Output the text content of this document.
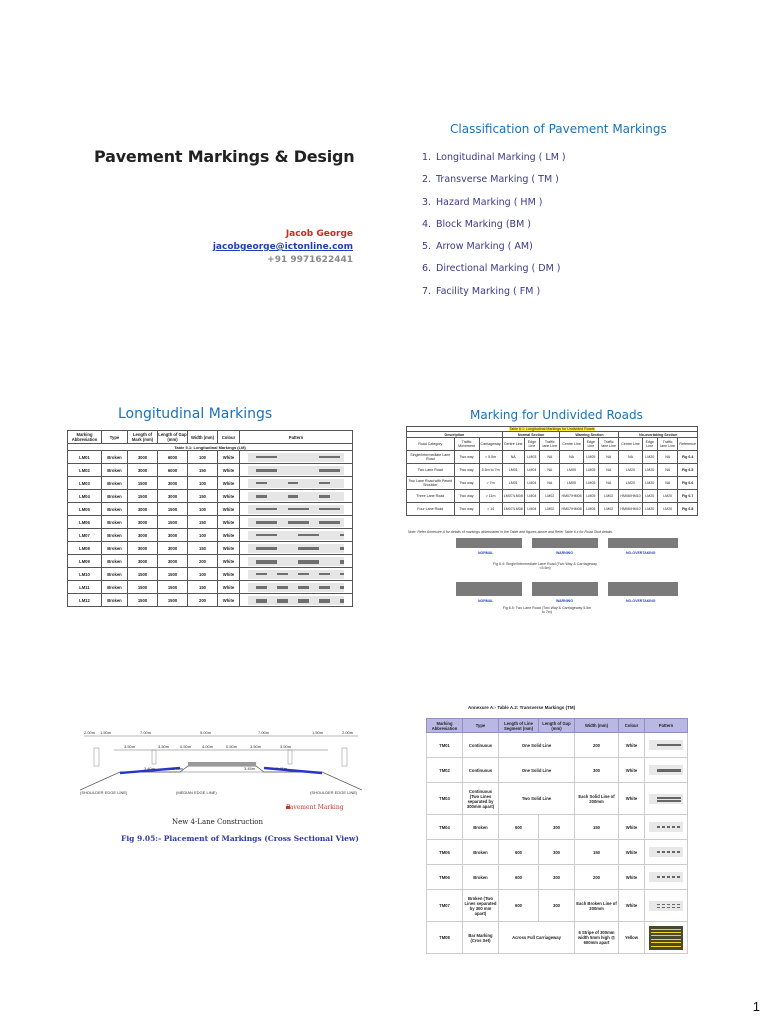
Pavement Markings & Design
Jacob George
jacobgeorge@ictonline.com
+91 9971622441
Classification of Pavement Markings
1. Longitudinal Marking ( LM )
2. Transverse Marking ( TM )
3. Hazard Marking ( HM )
4. Block Marking (BM )
5. Arrow Marking ( AM)
6. Directional Marking ( DM )
7. Facility Marking ( FM )
Longitudinal Markings
Table 5.1: Longitudinal Markings (LM)						
Marking Abbreviation	Type	Length of Mark (mm)	Length of Gap (mm)	Width (mm)	Colour	Pattern
LM01	Broken	3000	6000	100	White	

LM02	Broken	3000	6000	150	White	

LM03	Broken	1500	3000	100	White	

LM04	Broken	1500	3000	150	White	

LM05	Broken	3000	1500	100	White	

LM06	Broken	3000	1500	150	White	

LM07	Broken	3000	3000	100	White	

LM08	Broken	3000	3000	150	White	

LM09	Broken	3000	3000	200	White	

LM10	Broken	1500	1500	100	White	

LM11	Broken	1500	1500	150	White	

LM12	Broken	1500	1500	200	White	
Marking for Undivided Roads
Table 6.1: Longitudinal Markings for Undivided Roads												
Description			Normal Section			Warning Section			No-overtaking Section			
Road Category	Traffic Movement	Carriageway	Centre Line	Edge Line	Traffic lane Line	Centre Line	Edge Line	Traffic lane Line	Centre Line	Edge Line	Traffic lane Line	Reference
Single/Intermediate Lane Road	Two way	< 5.5m	NA	LM03	NA	NA	LM05	NA	NA	LM20	NA	Fig 6.4
Two Lane Road	Two way	5.5m to 7m	LM01	LM04	NA	LM05	LM05	NA	LM20	LM20	NA	Fig 6.5
Two Lane Road with Paved Shoulder	Two way	> 7m	LM01	LM04	NA	LM05	LM05	NA	LM20	LM20	NA	Fig 6.6
Three Lane Road	Two way	> 11m	LM07/LM08	LM04	LM02	HM07/HM08	LM05	LM02	HM06/HM10	LM20	LM20	Fig 6.7
Four Lane Road	Two way	> 14	LM07/LM08	LM04	LM02	HM07/HM08	LM05	LM02	HM06/HM10	LM20	LM20	Fig 6.8
Note: Refer Annexure A for details of markings abbreviated in the Table and figures above and Refer Table 6.x for Road Stud details.
NORMAL	WARNING	NO-OVERTAKING
Fig 6.4: Single/Intermediate Lane Road (Two Way & Carriageway <5.5m)
NORMAL	WARNING	NO-OVERTAKING
Fig 6.5: Two Lane Road (Two Way & Carriageway 5.5m to 7m)
2.00m 1.50m	7.00m	5.00m	7.00m	1.50m	2.00m
3.50m	3.50m	0.50m	4.00m	0.50m	3.50m	3.50m
3.40m	3.40m	3.45m	3.45m
(SHOULDER EDGE LINE)	(MEDIAN EDGE LINE)	(SHOULDER EDGE LINE)
Pavement Marking
New 4-Lane Construction
Fig 9.05:- Placement of Markings (Cross Sectional View)
Annexure A:- Table A.2: Transverse Markings (TM)
Marking Abbreviation	Type	Length of Line Segment (mm)	Length of Gap (mm)	Width (mm)	Colour	Pattern
TM01	Continuous	One Solid Line		200	White	

TM02	Continuous	One Solid Line		300	White	

TM03	Continuous (Two Lines separated by 300mm apart)	Two Solid Line		Each Solid Line of 200mm	White	

TM04	Broken	600	300	150	White	

TM05	Broken	600	300	150	White	

TM06	Broken	600	300	200	White	

TM07	Broken (Two Lines separated by 300 mm apart)	600	300	Each Broken Line of 200mm	White	

TM08	Bar Marking (Cros Set)	Across Full Carriageway		6 Stripe of 300mm width 5mm high @ 600mm apart	Yellow	
1
